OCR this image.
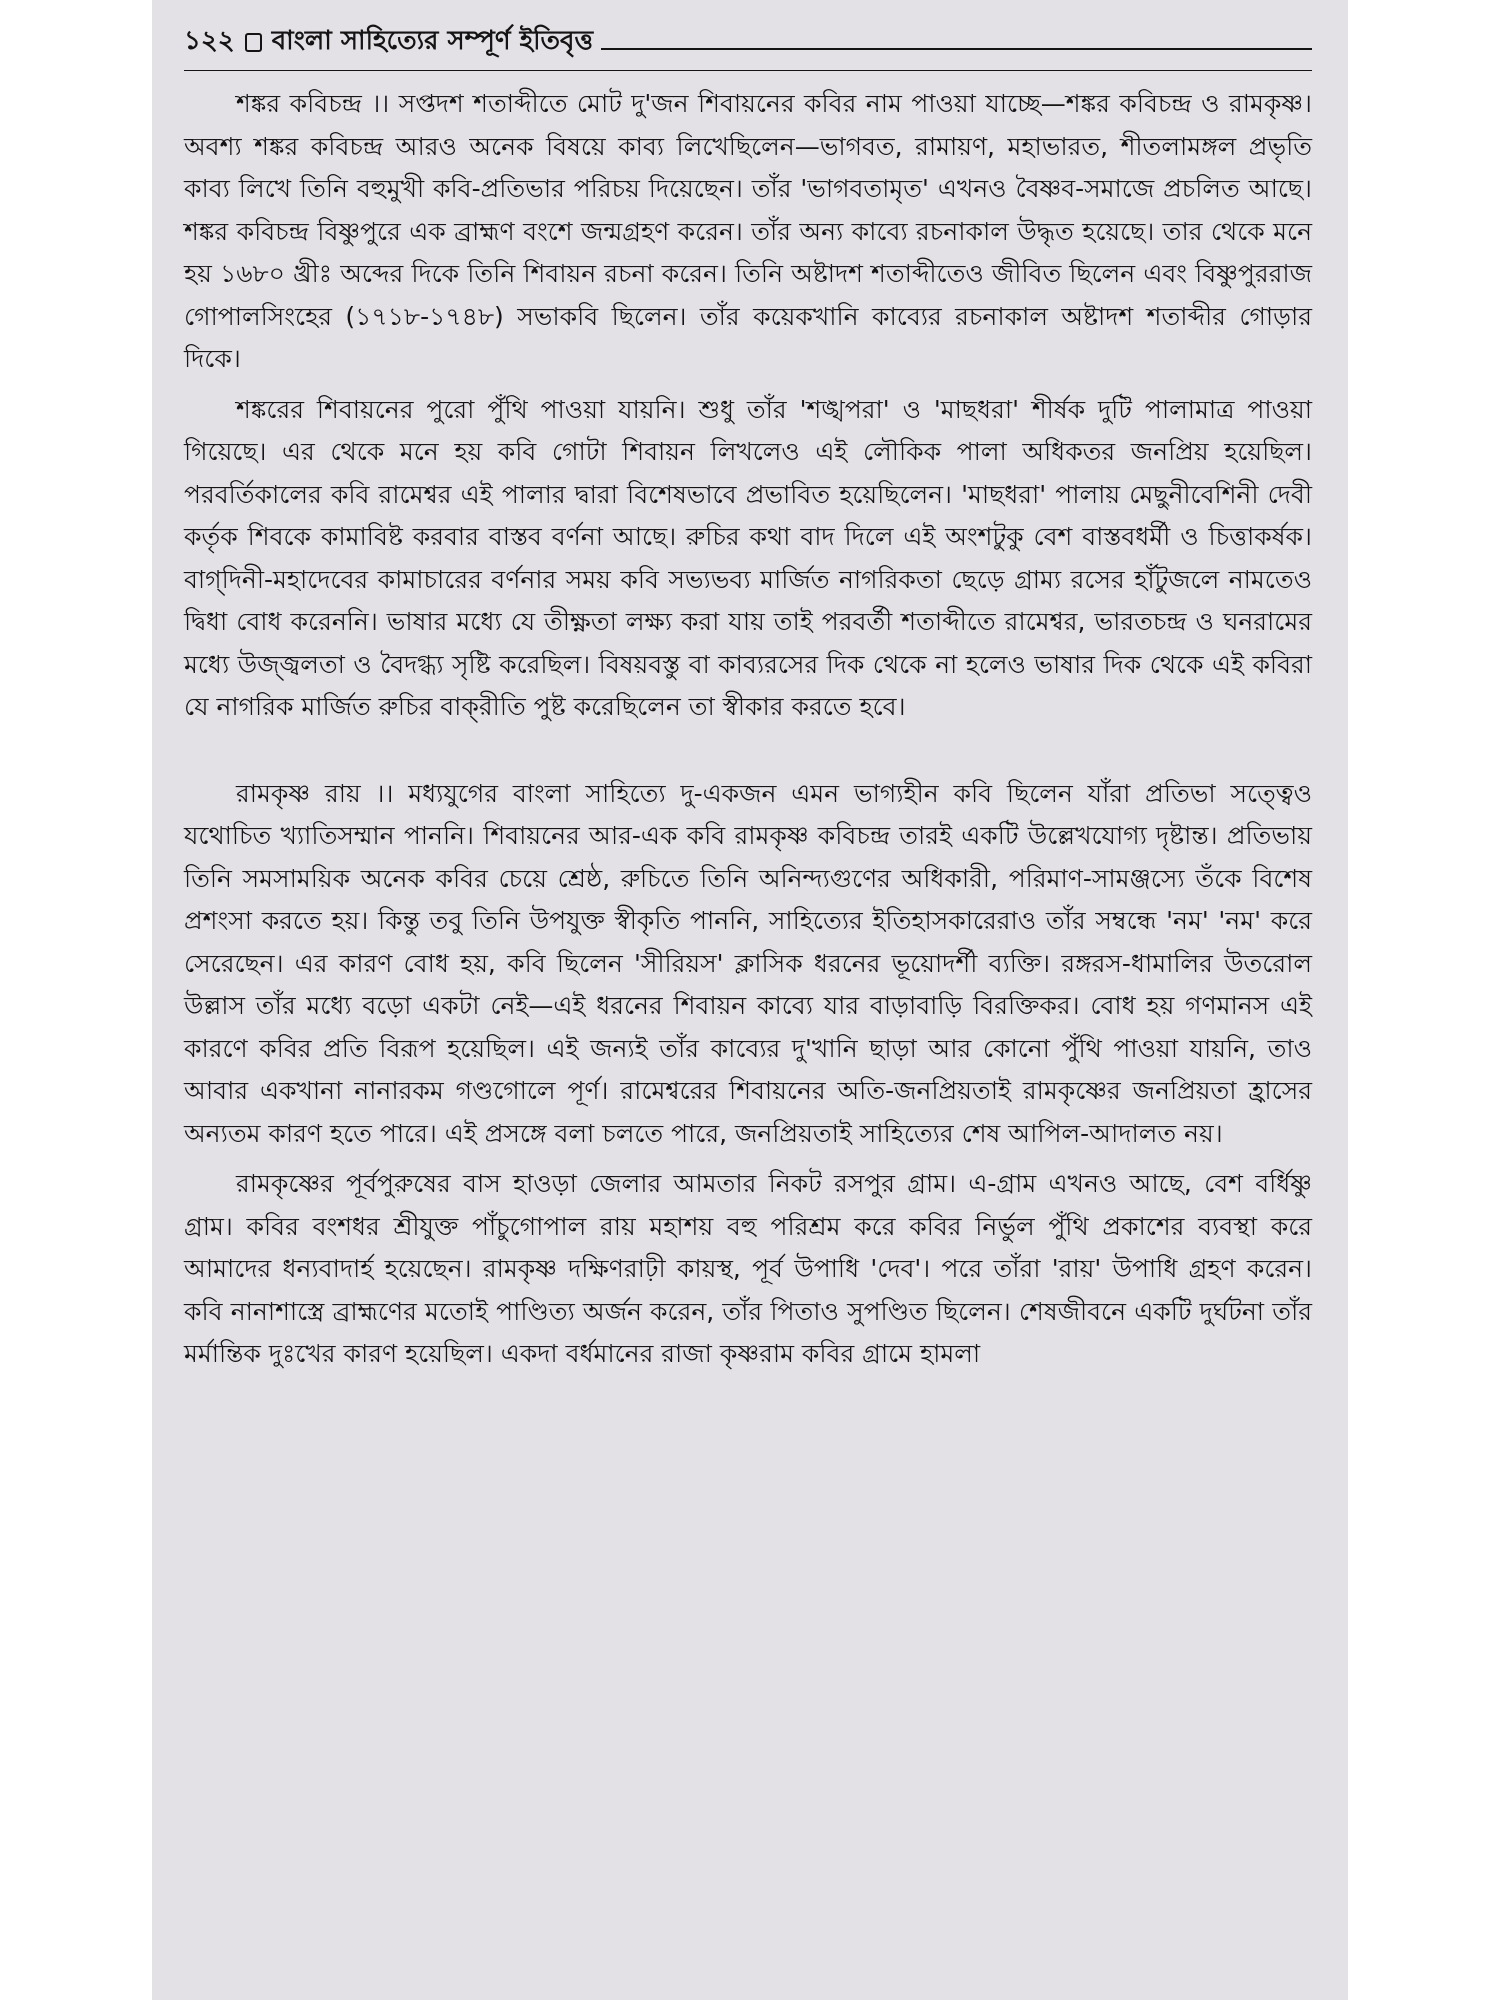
১২২ বাংলা সাহিত্যের সম্পূর্ণ ইতিবৃত্ত

শঙ্কর কবিচন্দ্র ।। সপ্তদশ শতাব্দীতে মোট দু'জন শিবায়নের কবির নাম পাওয়া যাচ্ছে—শঙ্কর কবিচন্দ্র ও রামকৃষ্ণ। অবশ্য শঙ্কর কবিচন্দ্র আরও অনেক বিষয়ে কাব্য লিখেছিলেন—ভাগবত, রামায়ণ, মহাভারত, শীতলামঙ্গল প্রভৃতি কাব্য লিখে তিনি বহুমুখী কবি-প্রতিভার পরিচয় দিয়েছেন। তাঁর 'ভাগবতামৃত' এখনও বৈষ্ণব-সমাজে প্রচলিত আছে। শঙ্কর কবিচন্দ্র বিষ্ণুপুরে এক ব্রাহ্মণ বংশে জন্মগ্রহণ করেন। তাঁর অন্য কাব্যে রচনাকাল উদ্ধৃত হয়েছে। তার থেকে মনে হয় ১৬৮০ খ্রীঃ অব্দের দিকে তিনি শিবায়ন রচনা করেন। তিনি অষ্টাদশ শতাব্দীতেও জীবিত ছিলেন এবং বিষ্ণুপুররাজ গোপালসিংহের (১৭১৮-১৭৪৮) সভাকবি ছিলেন। তাঁর কয়েকখানি কাব্যের রচনাকাল অষ্টাদশ শতাব্দীর গোড়ার দিকে।

শঙ্করের শিবায়নের পুরো পুঁথি পাওয়া যায়নি। শুধু তাঁর 'শঙ্খপরা' ও 'মাছধরা' শীর্ষক দুটি পালামাত্র পাওয়া গিয়েছে। এর থেকে মনে হয় কবি গোটা শিবায়ন লিখলেও এই লৌকিক পালা অধিকতর জনপ্রিয় হয়েছিল। পরবর্তিকালের কবি রামেশ্বর এই পালার দ্বারা বিশেষভাবে প্রভাবিত হয়েছিলেন। 'মাছধরা' পালায় মেছুনীবেশিনী দেবী কর্তৃক শিবকে কামাবিষ্ট করবার বাস্তব বর্ণনা আছে। রুচির কথা বাদ দিলে এই অংশটুকু বেশ বাস্তবধর্মী ও চিত্তাকর্ষক। বাগ্‌দিনী-মহাদেবের কামাচারের বর্ণনার সময় কবি সভ্যভব্য মার্জিত নাগরিকতা ছেড়ে গ্রাম্য রসের হাঁটুজলে নামতেও দ্বিধা বোধ করেননি। ভাষার মধ্যে যে তীক্ষ্ণতা লক্ষ্য করা যায় তাই পরবর্তী শতাব্দীতে রামেশ্বর, ভারতচন্দ্র ও ঘনরামের মধ্যে উজ্জ্বলতা ও বৈদগ্ধ্য সৃষ্টি করেছিল। বিষয়বস্তু বা কাব্যরসের দিক থেকে না হলেও ভাষার দিক থেকে এই কবিরা যে নাগরিক মার্জিত রুচির বাক্‌রীতি পুষ্ট করেছিলেন তা স্বীকার করতে হবে।

রামকৃষ্ণ রায় ।। মধ্যযুগের বাংলা সাহিত্যে দু-একজন এমন ভাগ্যহীন কবি ছিলেন যাঁরা প্রতিভা সত্ত্বেও যথোচিত খ্যাতিসম্মান পাননি। শিবায়নের আর-এক কবি রামকৃষ্ণ কবিচন্দ্র তারই একটি উল্লেখযোগ্য দৃষ্টান্ত। প্রতিভায় তিনি সমসাময়িক অনেক কবির চেয়ে শ্রেষ্ঠ, রুচিতে তিনি অনিন্দ্যগুণের অধিকারী, পরিমাণ-সামঞ্জস্যে তঁকে বিশেষ প্রশংসা করতে হয়। কিন্তু তবু তিনি উপযুক্ত স্বীকৃতি পাননি, সাহিত্যের ইতিহাসকারেরাও তাঁর সম্বন্ধে 'নম' 'নম' করে সেরেছেন। এর কারণ বোধ হয়, কবি ছিলেন 'সীরিয়স' ক্লাসিক ধরনের ভূয়োদর্শী ব্যক্তি। রঙ্গরস-ধামালির উতরোল উল্লাস তাঁর মধ্যে বড়ো একটা নেই—এই ধরনের শিবায়ন কাব্যে যার বাড়াবাড়ি বিরক্তিকর। বোধ হয় গণমানস এই কারণে কবির প্রতি বিরূপ হয়েছিল। এই জন্যই তাঁর কাব্যের দু'খানি ছাড়া আর কোনো পুঁথি পাওয়া যায়নি, তাও আবার একখানা নানারকম গণ্ডগোলে পূর্ণ। রামেশ্বরের শিবায়নের অতি-জনপ্রিয়তাই রামকৃষ্ণের জনপ্রিয়তা হ্রাসের অন্যতম কারণ হতে পারে। এই প্রসঙ্গে বলা চলতে পারে, জনপ্রিয়তাই সাহিত্যের শেষ আপিল-আদালত নয়।

রামকৃষ্ণের পূর্বপুরুষের বাস হাওড়া জেলার আমতার নিকট রসপুর গ্রাম। এ-গ্রাম এখনও আছে, বেশ বর্ধিষ্ণু গ্রাম। কবির বংশধর শ্রীযুক্ত পাঁচুগোপাল রায় মহাশয় বহু পরিশ্রম করে কবির নির্ভুল পুঁথি প্রকাশের ব্যবস্থা করে আমাদের ধন্যবাদার্হ হয়েছেন। রামকৃষ্ণ দক্ষিণরাঢ়ী কায়স্থ, পূর্ব উপাধি 'দেব'। পরে তাঁরা 'রায়' উপাধি গ্রহণ করেন। কবি নানাশাস্ত্রে ব্রাহ্মণের মতোই পাণ্ডিত্য অর্জন করেন, তাঁর পিতাও সুপণ্ডিত ছিলেন। শেষজীবনে একটি দুর্ঘটনা তাঁর মর্মান্তিক দুঃখের কারণ হয়েছিল। একদা বর্ধমানের রাজা কৃষ্ণরাম কবির গ্রামে হামলা
